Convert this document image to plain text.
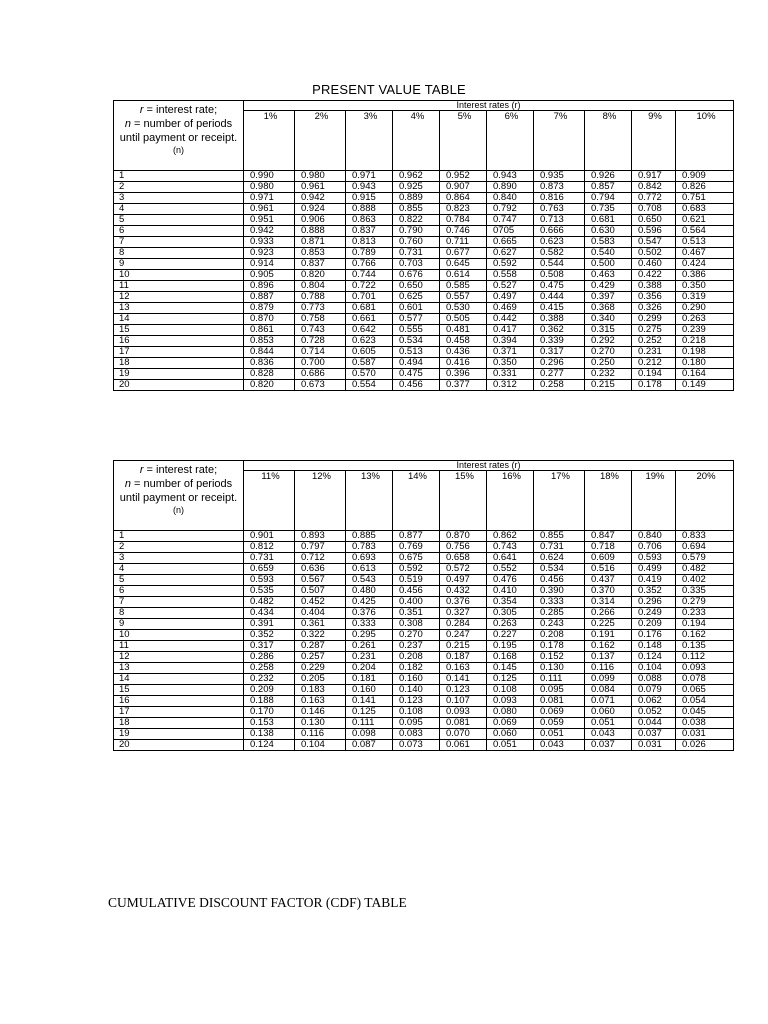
PRESENT VALUE TABLE
r = interest rate;
n = number of periods until payment or receipt.
(n)	Interest rates (r)									
	1%	2%	3%	4%	5%	6%	7%	8%	9%	10%
1	0.990	0.980	0.971	0.962	0.952	0.943	0.935	0.926	0.917	0.909
2	0.980	0.961	0.943	0.925	0.907	0.890	0.873	0.857	0.842	0.826
3	0.971	0.942	0.915	0.889	0.864	0.840	0.816	0.794	0.772	0.751
4	0.961	0.924	0.888	0.855	0.823	0.792	0.763	0.735	0.708	0.683
5	0.951	0.906	0.863	0.822	0.784	0.747	0.713	0.681	0.650	0.621
6	0.942	0.888	0.837	0.790	0.746	0705	0.666	0.630	0.596	0.564
7	0.933	0.871	0.813	0.760	0.711	0.665	0.623	0.583	0.547	0.513
8	0.923	0.853	0.789	0.731	0.677	0.627	0.582	0.540	0.502	0.467
9	0.914	0.837	0.766	0.703	0.645	0.592	0.544	0.500	0.460	0.424
10	0.905	0.820	0.744	0.676	0.614	0.558	0.508	0.463	0.422	0.386
11	0.896	0.804	0.722	0.650	0.585	0.527	0.475	0.429	0.388	0.350
12	0.887	0.788	0.701	0.625	0.557	0.497	0.444	0.397	0.356	0.319
13	0.879	0.773	0.681	0.601	0.530	0.469	0.415	0.368	0.326	0.290
14	0.870	0.758	0.661	0.577	0.505	0.442	0.388	0.340	0.299	0.263
15	0.861	0.743	0.642	0.555	0.481	0.417	0.362	0.315	0.275	0.239
16	0.853	0.728	0.623	0.534	0.458	0.394	0.339	0.292	0.252	0.218
17	0.844	0.714	0.605	0.513	0.436	0.371	0.317	0.270	0.231	0.198
18	0.836	0.700	0.587	0.494	0.416	0.350	0.296	0.250	0.212	0.180
19	0.828	0.686	0.570	0.475	0.396	0.331	0.277	0.232	0.194	0.164
20	0.820	0.673	0.554	0.456	0.377	0.312	0.258	0.215	0.178	0.149
r = interest rate;
n = number of periods until payment or receipt.
(n)	Interest rates (r)									
	11%	12%	13%	14%	15%	16%	17%	18%	19%	20%
1	0.901	0.893	0.885	0.877	0.870	0.862	0.855	0.847	0.840	0.833
2	0.812	0.797	0.783	0.769	0.756	0.743	0.731	0.718	0.706	0.694
3	0.731	0.712	0.693	0.675	0.658	0.641	0.624	0.609	0.593	0.579
4	0.659	0.636	0.613	0.592	0.572	0.552	0.534	0.516	0.499	0.482
5	0.593	0.567	0.543	0.519	0.497	0.476	0.456	0.437	0.419	0.402
6	0.535	0.507	0.480	0.456	0.432	0.410	0.390	0.370	0.352	0.335
7	0.482	0.452	0.425	0.400	0.376	0.354	0.333	0.314	0.296	0.279
8	0.434	0.404	0.376	0.351	0.327	0.305	0.285	0.266	0.249	0.233
9	0.391	0.361	0.333	0.308	0.284	0.263	0.243	0.225	0.209	0.194
10	0.352	0.322	0.295	0.270	0.247	0.227	0.208	0.191	0.176	0.162
11	0.317	0.287	0.261	0.237	0.215	0.195	0.178	0.162	0.148	0.135
12	0.286	0.257	0.231	0.208	0.187	0.168	0.152	0.137	0.124	0.112
13	0.258	0.229	0.204	0.182	0.163	0.145	0.130	0.116	0.104	0.093
14	0.232	0.205	0.181	0.160	0.141	0.125	0.111	0.099	0.088	0.078
15	0.209	0.183	0.160	0.140	0.123	0.108	0.095	0.084	0.079	0.065
16	0.188	0.163	0.141	0.123	0.107	0.093	0.081	0.071	0.062	0.054
17	0.170	0.146	0.125	0.108	0.093	0.080	0.069	0.060	0.052	0.045
18	0.153	0.130	0.111	0.095	0.081	0.069	0.059	0.051	0.044	0.038
19	0.138	0.116	0.098	0.083	0.070	0.060	0.051	0.043	0.037	0.031
20	0.124	0.104	0.087	0.073	0.061	0.051	0.043	0.037	0.031	0.026
CUMULATIVE DISCOUNT FACTOR (CDF) TABLE
